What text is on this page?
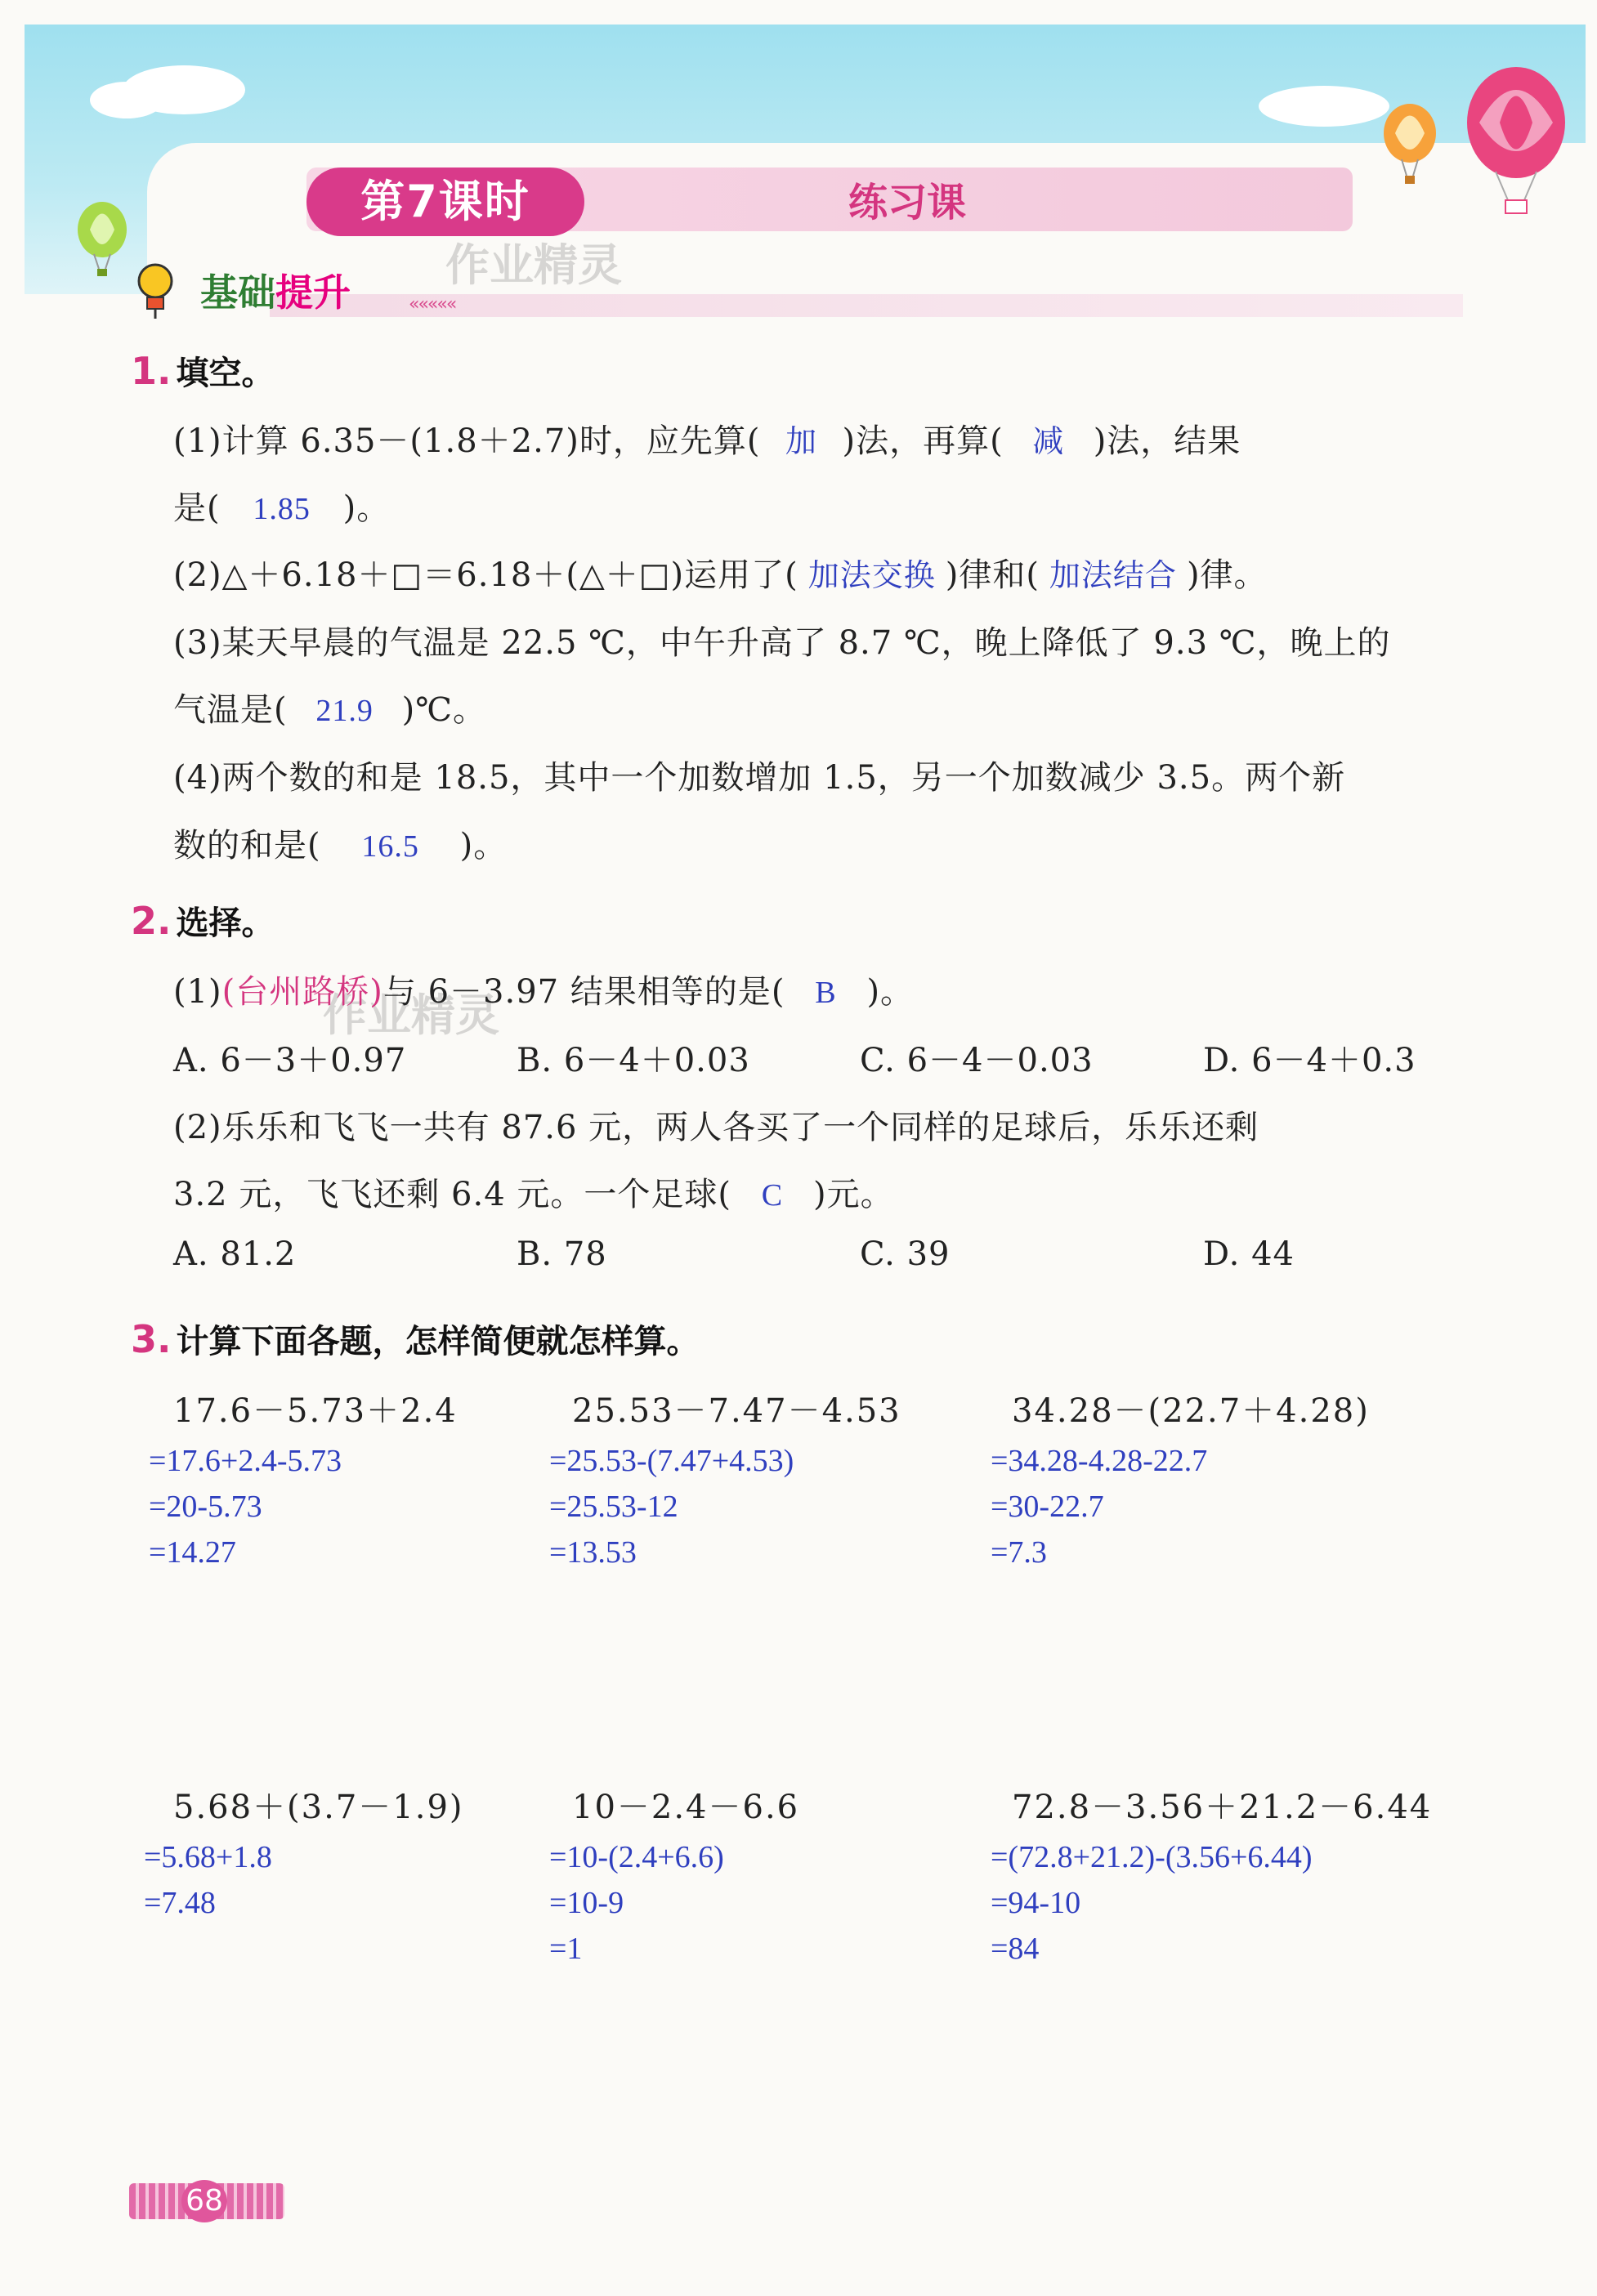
第7课时	练习课
基础提升	«««««
作业精灵
作业精灵
1. 填空。
(1)计算 6.35－(1.8＋2.7)时，应先算( 加 )法，再算( 减 )法，结果
是( 1.85 )。
(2)△＋6.18＋□＝6.18＋(△＋□)运用了( 加法交换 )律和( 加法结合 )律。
(3)某天早晨的气温是 22.5 ℃，中午升高了 8.7 ℃，晚上降低了 9.3 ℃，晚上的
气温是( 21.9 )℃。
(4)两个数的和是 18.5，其中一个加数增加 1.5，另一个加数减少 3.5。两个新
数的和是( 16.5 )。
2. 选择。
(1)(台州路桥)与 6－3.97 结果相等的是( B )。
A. 6－3＋0.97	B. 6－4＋0.03	C. 6－4－0.03	D. 6－4＋0.3
(2)乐乐和飞飞一共有 87.6 元，两人各买了一个同样的足球后，乐乐还剩
3.2 元，飞飞还剩 6.4 元。一个足球( C )元。
A. 81.2	B. 78	C. 39	D. 44
3. 计算下面各题，怎样简便就怎样算。
17.6－5.73＋2.4
=17.6+2.4-5.73
=20-5.73
=14.27
25.53－7.47－4.53
=25.53-(7.47+4.53)
=25.53-12
=13.53
34.28－(22.7＋4.28)
=34.28-4.28-22.7
=30-22.7
=7.3
5.68＋(3.7－1.9)
=5.68+1.8
=7.48
10－2.4－6.6
=10-(2.4+6.6)
=10-9
=1
72.8－3.56＋21.2－6.44
=(72.8+21.2)-(3.56+6.44)
=94-10
=84
68
